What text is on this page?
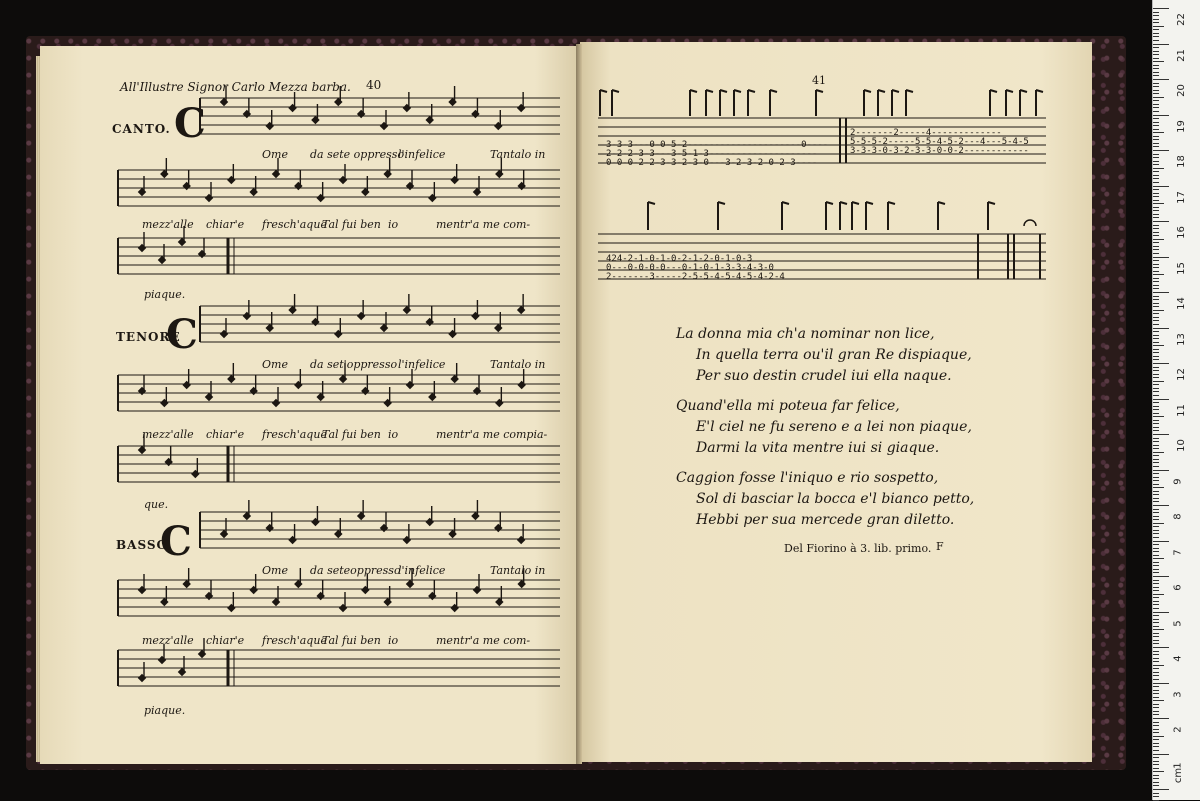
All'Illustre Signor Carlo Mezza barba. 40
CANTO. C
TENORE
C
BASSO
C
Ome da sete oppresso
l'infelice	Tantalo in
mezz'alle chiar'e fresch'aque
Tal fui ben io	mentr'a me com-
piaque.
Ome da set'oppresso l'infelice	Tantalo in
mezz'alle chiar'e fresch'aque
Tal fui ben io	mentr'a me compia-
que.
Ome da seteoppresso
l'infelice	Tantalo in
mezz'alle chiar'e fresch'aque
Tal fui ben io	mentr'a me com-
piaque.
41
3-3-3---0-0-5-2---------------------0----
2-2-2-3-3---3-5-1-3--------------------
0-0-0-2-2-3-3-2-3-0---3-2-3-2-0-2-3----
2-------2-----4-------------
5-5-5-2-----5-5-4-5-2---4---5-4-5
3-3-3-0-3-2-3-3-0-0-2------------
424-2-1-0-1-0-2-1-2-0-1-0-3
0---0-0-0-0---0-1-0-1-3-3-4-3-0
2-------3-----2-5-5-4-5-4-5-4-2-4
La donna mia ch'a nominar non lice,
In quella terra ou'il gran Re dispiaque,
Per suo destin crudel iui ella naque.
Quand'ella mi poteua far felice,
E'l ciel ne fu sereno e a lei non piaque,
Darmi la vita mentre iui si giaque.
Caggion fosse l'iniquo e rio sospetto,
Sol di basciar la bocca e'l bianco petto,
Hebbi per sua mercede gran diletto.
Del Fiorino à 3. lib. primo. F
22
21
20
19
18
17
16
15
14
13
12
11
10
9
8
7
6
5
4
3
2
1
cm
